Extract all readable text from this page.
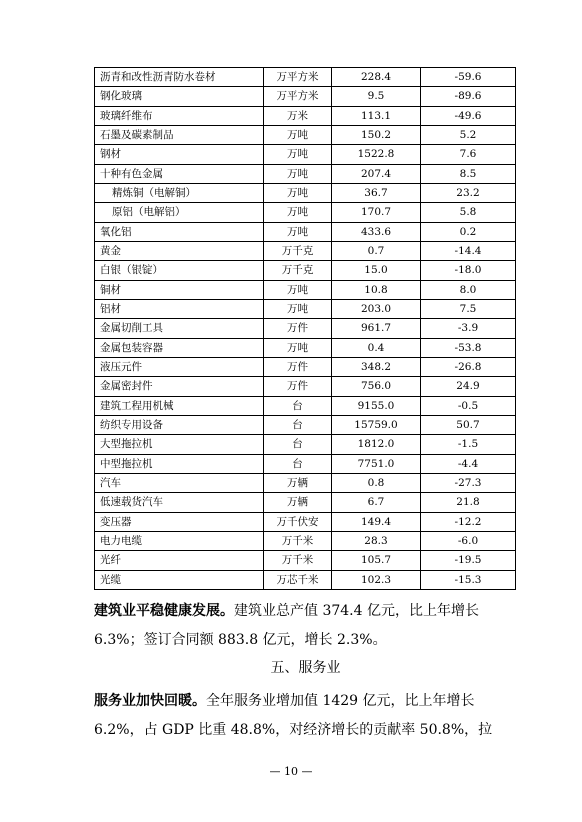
沥青和改性沥青防水卷材	万平方米	228.4	-59.6
钢化玻璃	万平方米	9.5	-89.6
玻璃纤维布	万米	113.1	-49.6
石墨及碳素制品	万吨	150.2	5.2
钢材	万吨	1522.8	7.6
十种有色金属	万吨	207.4	8.5
精炼铜（电解铜）	万吨	36.7	23.2
原铝（电解铝）	万吨	170.7	5.8
氧化铝	万吨	433.6	0.2
黄金	万千克	0.7	-14.4
白银（银锭）	万千克	15.0	-18.0
铜材	万吨	10.8	8.0
铝材	万吨	203.0	7.5
金属切削工具	万件	961.7	-3.9
金属包装容器	万吨	0.4	-53.8
液压元件	万件	348.2	-26.8
金属密封件	万件	756.0	24.9
建筑工程用机械	台	9155.0	-0.5
纺织专用设备	台	15759.0	50.7
大型拖拉机	台	1812.0	-1.5
中型拖拉机	台	7751.0	-4.4
汽车	万辆	0.8	-27.3
低速载货汽车	万辆	6.7	21.8
变压器	万千伏安	149.4	-12.2
电力电缆	万千米	28.3	-6.0
光纤	万千米	105.7	-19.5
光缆	万芯千米	102.3	-15.3

建筑业平稳健康发展。建筑业总产值 374.4 亿元，比上年增长 6.3%；签订合同额 883.8 亿元，增长 2.3%。

五、服务业

服务业加快回暖。全年服务业增加值 1429 亿元，比上年增长 6.2%，占 GDP 比重 48.8%，对经济增长的贡献率 50.8%，拉

— 10 —
